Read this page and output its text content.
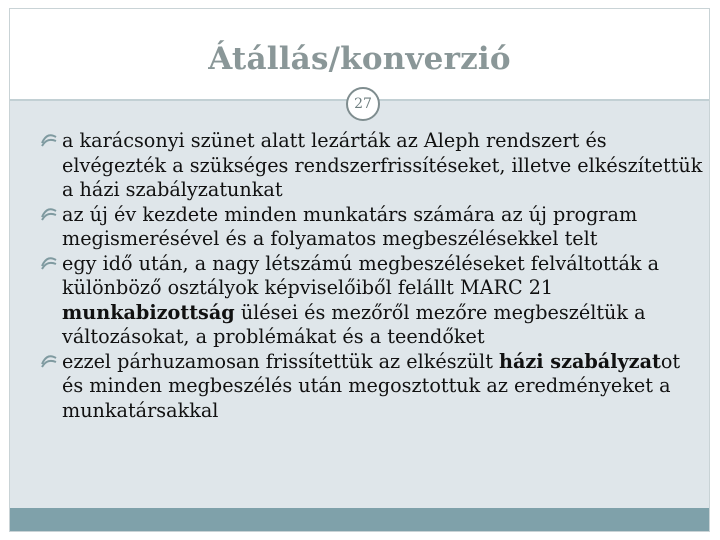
Átállás/konverzió
27

a karácsonyi szünet alatt lezárták az Aleph rendszert és elvégezték a szükséges rendszerfrissítéseket, illetve elkészítettük a házi szabályzatunkat

az új év kezdete minden munkatárs számára az új program megismerésével és a folyamatos megbeszélésekkel telt

egy idő után, a nagy létszámú megbeszéléseket felváltották a különböző osztályok képviselőiből felállt MARC 21 munkabizottság ülései és mezőről mezőre megbeszéltük a változásokat, a problémákat és a teendőket

ezzel párhuzamosan frissítettük az elkészült házi szabályzatot és minden megbeszélés után megosztottuk az eredményeket a munkatársakkal
